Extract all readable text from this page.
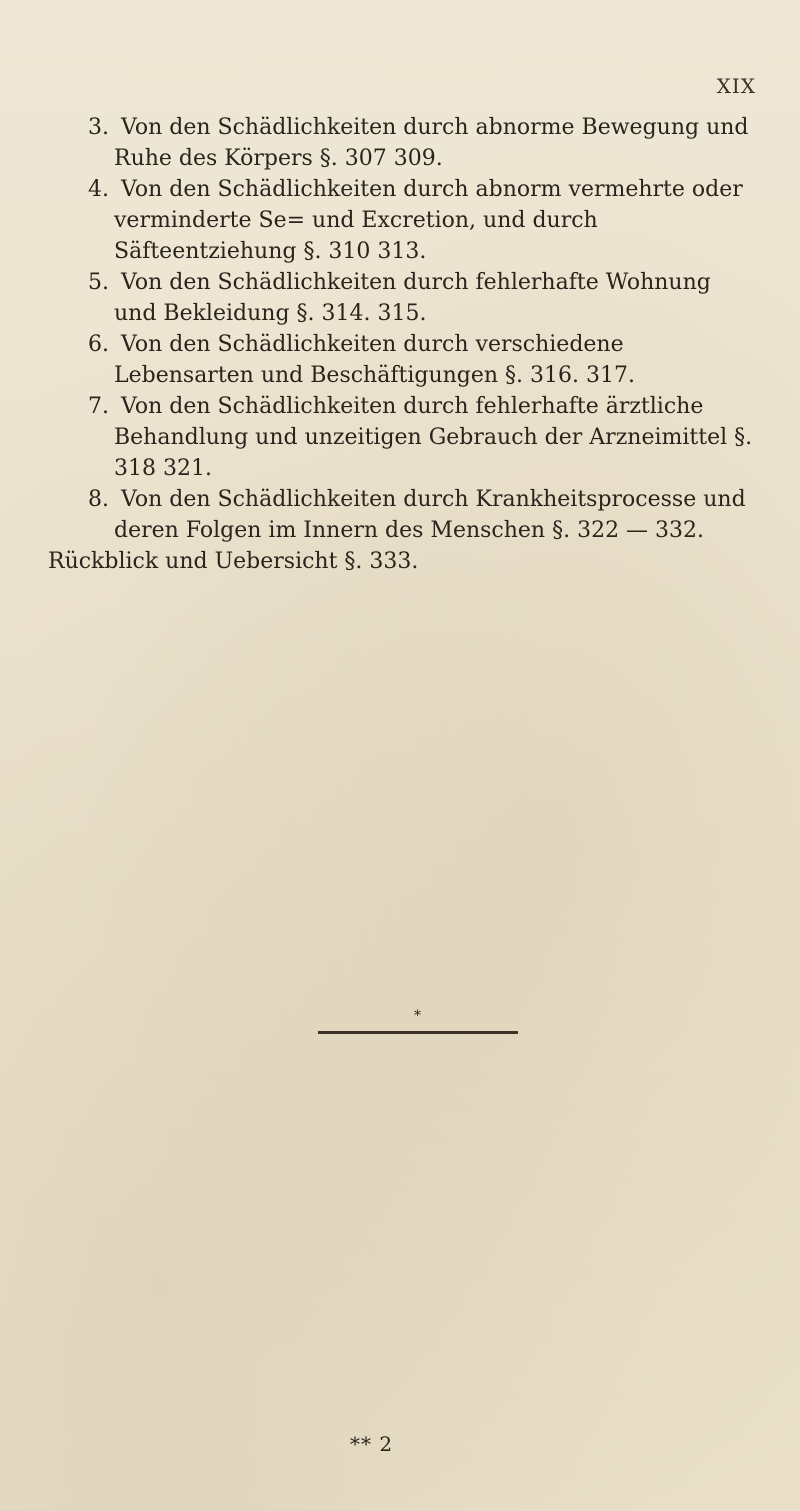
XIX
3. Von den Schädlichkeiten durch abnorme Bewegung und Ruhe des Körpers §. 307 309.
4. Von den Schädlichkeiten durch abnorm vermehrte oder verminderte Se= und Excretion, und durch Säfteentziehung §. 310 313.
5. Von den Schädlichkeiten durch fehlerhafte Wohnung und Bekleidung §. 314. 315.
6. Von den Schädlichkeiten durch verschiedene Lebensarten und Beschäftigungen §. 316. 317.
7. Von den Schädlichkeiten durch fehlerhafte ärztliche Behandlung und unzeitigen Gebrauch der Arzneimittel §. 318 321.
8. Von den Schädlichkeiten durch Krankheitsprocesse und deren Folgen im Innern des Menschen §. 322 — 332.
Rückblick und Uebersicht §. 333.
*
** 2
